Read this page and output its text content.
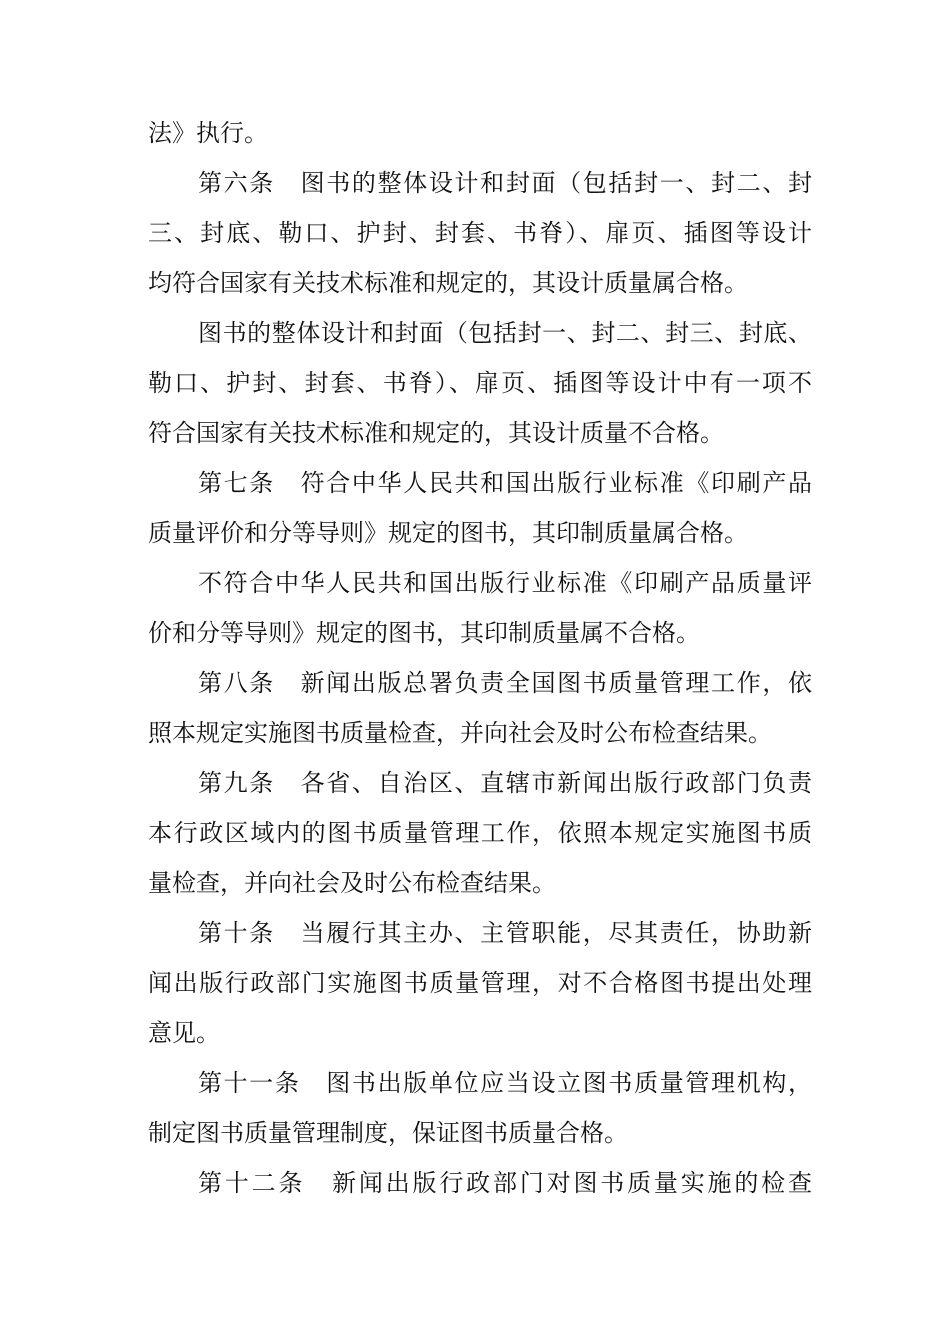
法》执行。
第六条　图书的整体设计和封面（包括封一、封二、封
三、封底、勒口、护封、封套、书脊）、扉页、插图等设计
均符合国家有关技术标准和规定的，其设计质量属合格。
图书的整体设计和封面（包括封一、封二、封三、封底、
勒口、护封、封套、书脊）、扉页、插图等设计中有一项不
符合国家有关技术标准和规定的，其设计质量不合格。
第七条　符合中华人民共和国出版行业标准《印刷产品
质量评价和分等导则》规定的图书，其印制质量属合格。
不符合中华人民共和国出版行业标准《印刷产品质量评
价和分等导则》规定的图书，其印制质量属不合格。
第八条　新闻出版总署负责全国图书质量管理工作，依
照本规定实施图书质量检查，并向社会及时公布检查结果。
第九条　各省、自治区、直辖市新闻出版行政部门负责
本行政区域内的图书质量管理工作，依照本规定实施图书质
量检查，并向社会及时公布检查结果。
第十条　当履行其主办、主管职能，尽其责任，协助新
闻出版行政部门实施图书质量管理，对不合格图书提出处理
意见。
第十一条　图书出版单位应当设立图书质量管理机构，
制定图书质量管理制度，保证图书质量合格。
第十二条　新闻出版行政部门对图书质量实施的检查
